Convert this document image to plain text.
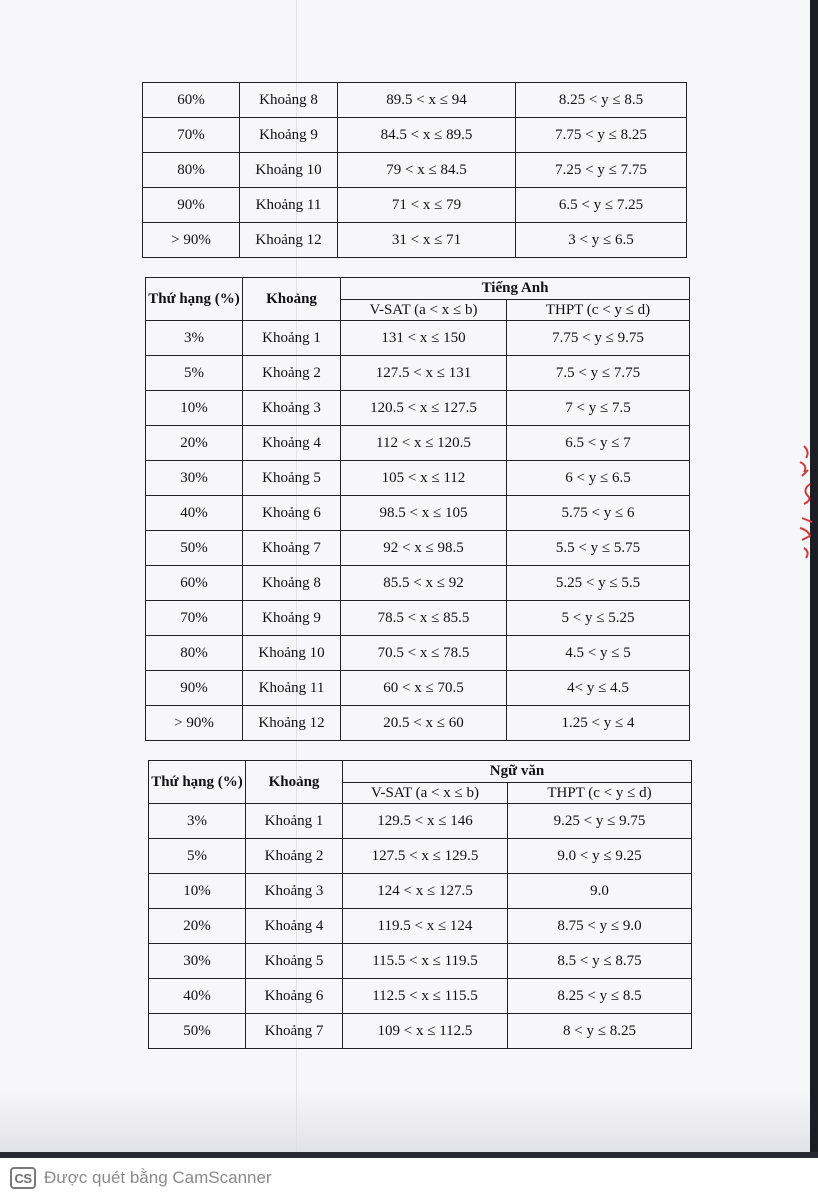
60%	Khoảng 8	89.5 < x ≤ 94	8.25 < y ≤ 8.5
70%	Khoảng 9	84.5 < x ≤ 89.5	7.75 < y ≤ 8.25
80%	Khoảng 10	79 < x ≤ 84.5	7.25 < y ≤ 7.75
90%	Khoảng 11	71 < x ≤ 79	6.5 < y ≤ 7.25
> 90%	Khoảng 12	31 < x ≤ 71	3 < y ≤ 6.5
Thứ hạng (%)	Khoảng	Tiếng Anh	
		V-SAT (a < x ≤ b)	THPT (c < y ≤ d)
3%	Khoảng 1	131 < x ≤ 150	7.75 < y ≤ 9.75
5%	Khoảng 2	127.5 < x ≤ 131	7.5 < y ≤ 7.75
10%	Khoảng 3	120.5 < x ≤ 127.5	7 < y ≤ 7.5
20%	Khoảng 4	112 < x ≤ 120.5	6.5 < y ≤ 7
30%	Khoảng 5	105 < x ≤ 112	6 < y ≤ 6.5
40%	Khoảng 6	98.5 < x ≤ 105	5.75 < y ≤ 6
50%	Khoảng 7	92 < x ≤ 98.5	5.5 < y ≤ 5.75
60%	Khoảng 8	85.5 < x ≤ 92	5.25 < y ≤ 5.5
70%	Khoảng 9	78.5 < x ≤ 85.5	5 < y ≤ 5.25
80%	Khoảng 10	70.5 < x ≤ 78.5	4.5 < y ≤ 5
90%	Khoảng 11	60 < x ≤ 70.5	4< y ≤ 4.5
> 90%	Khoảng 12	20.5 < x ≤ 60	1.25 < y ≤ 4
Thứ hạng (%)	Khoảng	Ngữ văn	
		V-SAT (a < x ≤ b)	THPT (c < y ≤ d)
3%	Khoảng 1	129.5 < x ≤ 146	9.25 < y ≤ 9.75
5%	Khoảng 2	127.5 < x ≤ 129.5	9.0 < y ≤ 9.25
10%	Khoảng 3	124 < x ≤ 127.5	9.0
20%	Khoảng 4	119.5 < x ≤ 124	8.75 < y ≤ 9.0
30%	Khoảng 5	115.5 < x ≤ 119.5	8.5 < y ≤ 8.75
40%	Khoảng 6	112.5 < x ≤ 115.5	8.25 < y ≤ 8.5
50%	Khoảng 7	109 < x ≤ 112.5	8 < y ≤ 8.25
CS Được quét bằng CamScanner
